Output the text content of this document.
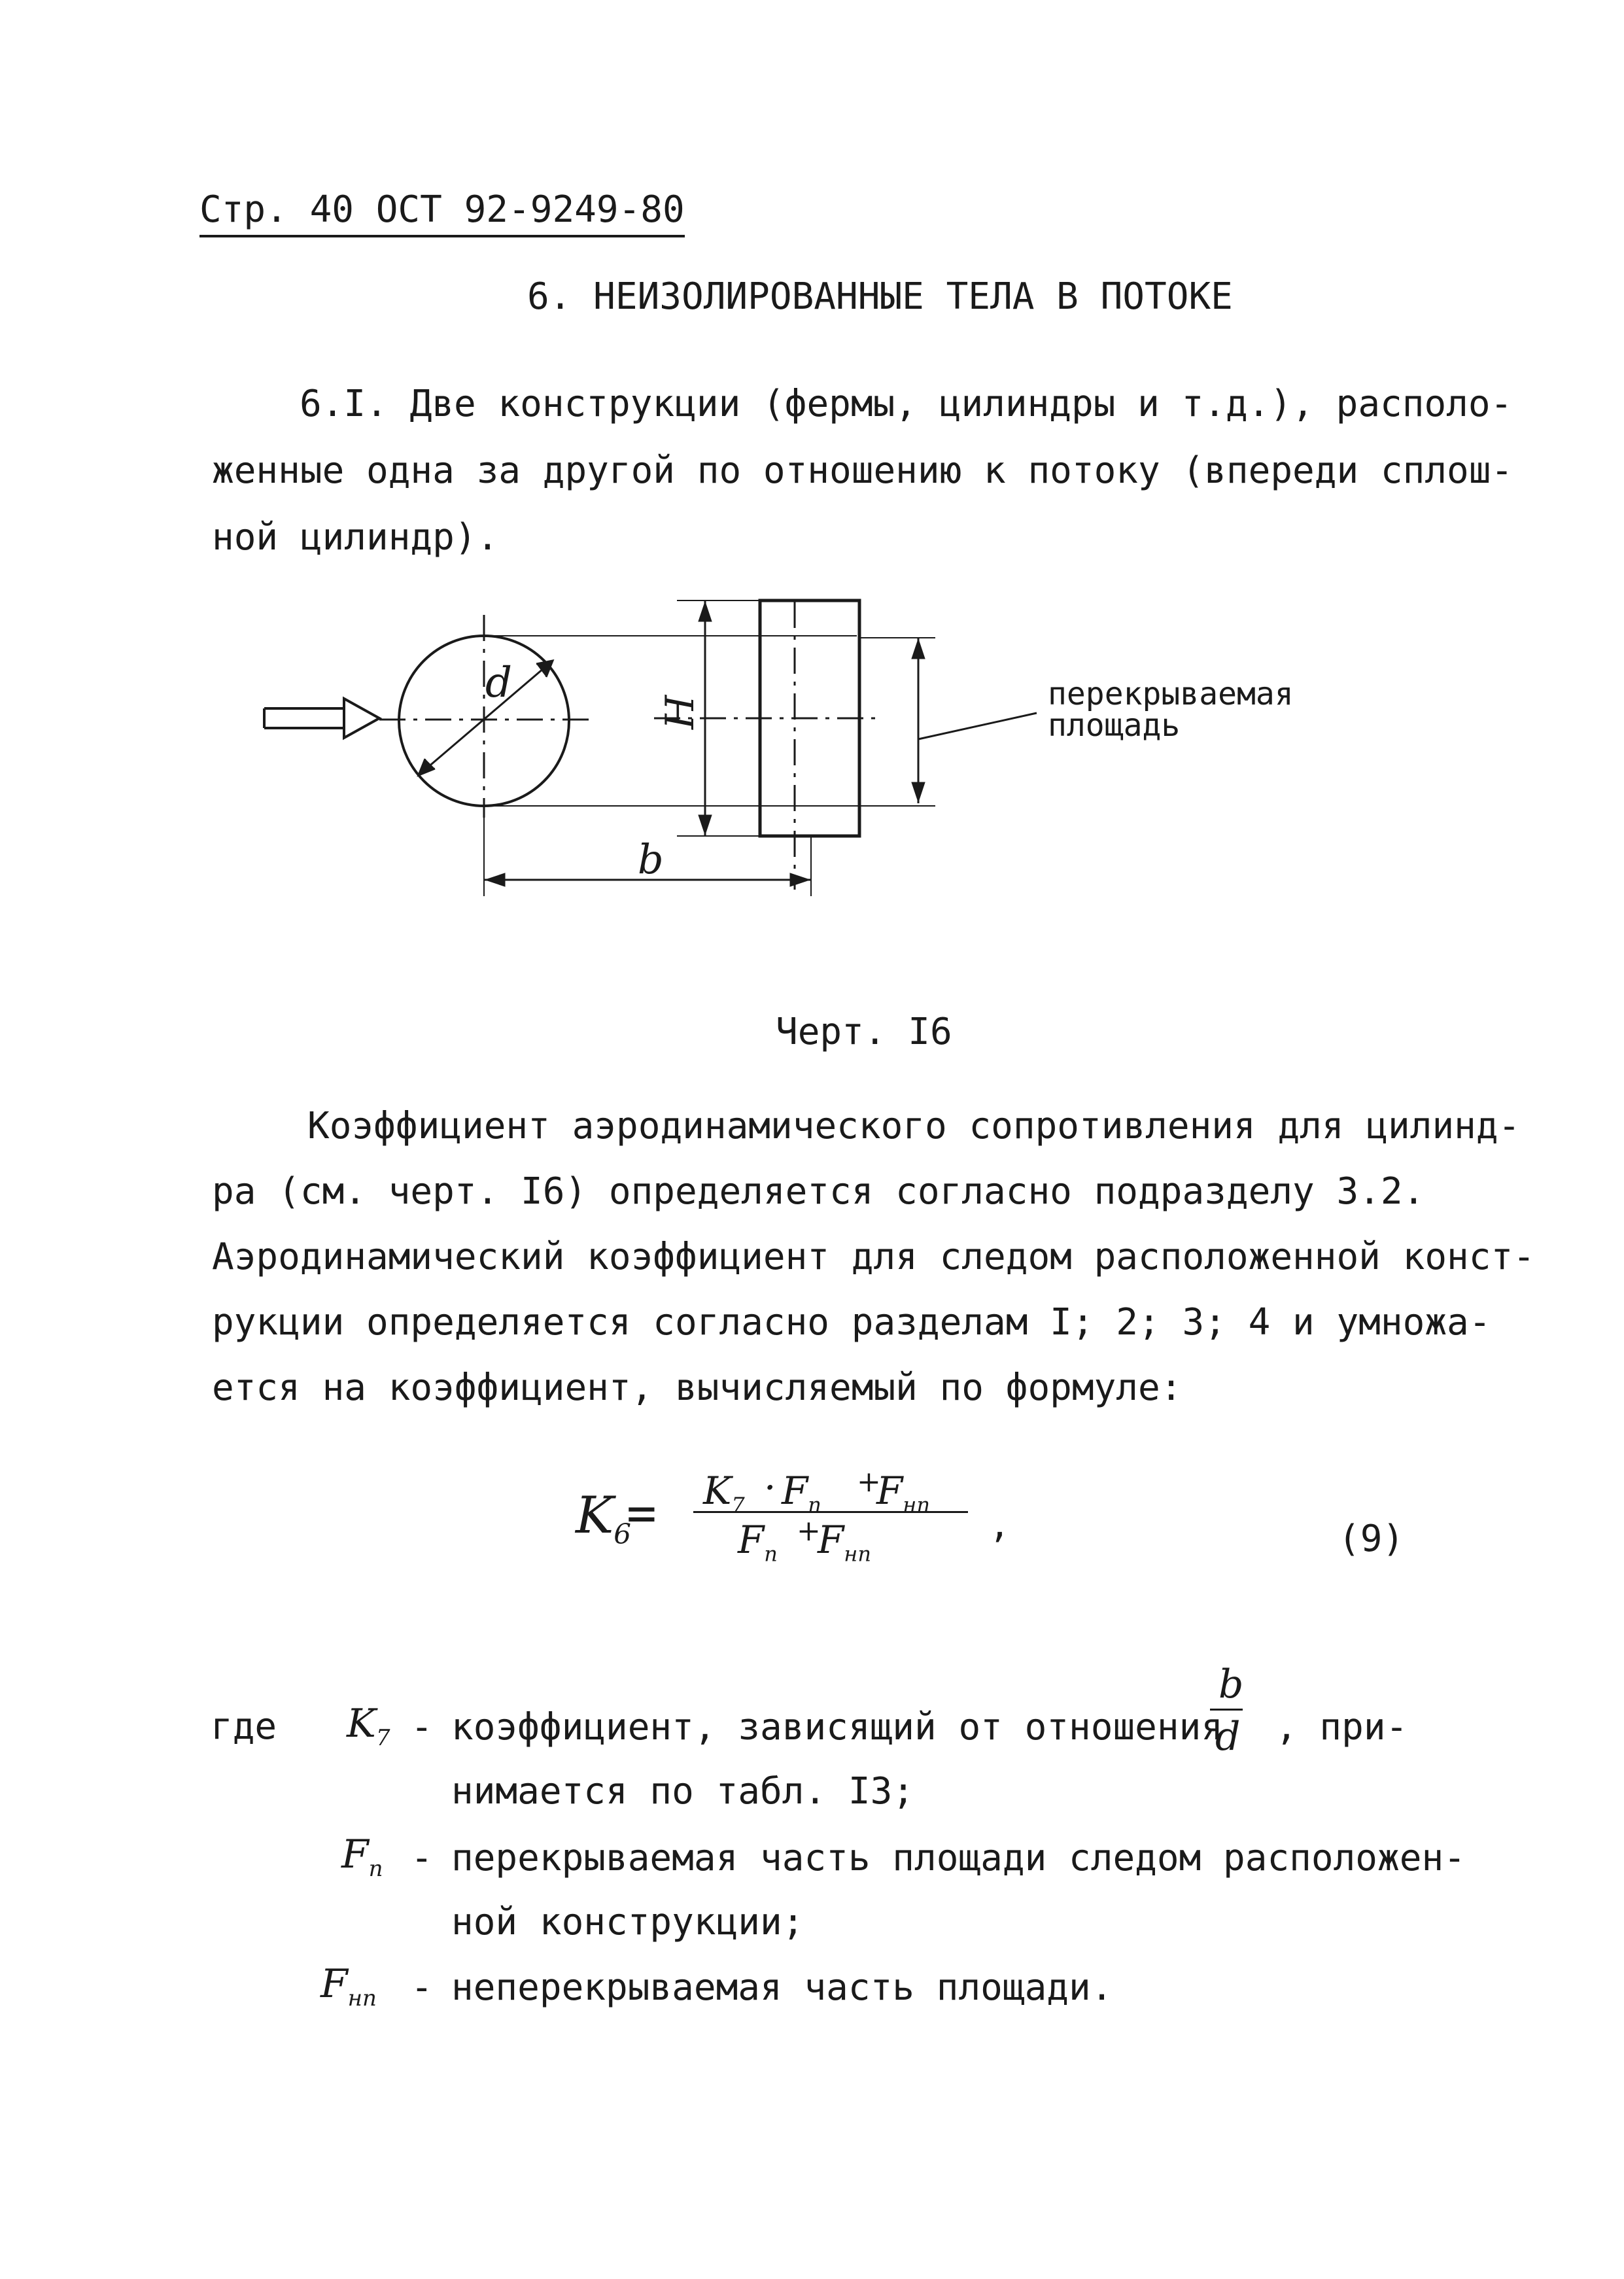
Стр. 40 ОСТ 92-9249-80
6. НЕИЗОЛИРОВАННЫЕ ТЕЛА В ПОТОКЕ
6.I. Две конструкции (фермы, цилиндры и т.д.), располо-
женные одна за другой по отношению к потоку (впереди сплош-
ной цилиндр).
d
H
b
перекрываемая
площадь
Черт. I6
Коэффициент аэродинамического сопротивления для цилинд-
ра (см. черт. I6) определяется согласно подразделу 3.2.
Аэродинамический коэффициент для следом расположенной конст-
рукции определяется согласно разделам I; 2; 3; 4 и умножа-
ется на коэффициент, вычисляемый по формуле:
$K_6$
= $K_7 \cdot F_n$
+
$F_{нп}$
$F_n$
+
$F_{нп}$
,	(9)
где $K_7$ - коэффициент, зависящий от отношения
b
d , при-
нимается по табл. I3;
$F_n$ - перекрываемая часть площади следом расположен-
ной конструкции;
$F_{нп}$ - неперекрываемая часть площади.
